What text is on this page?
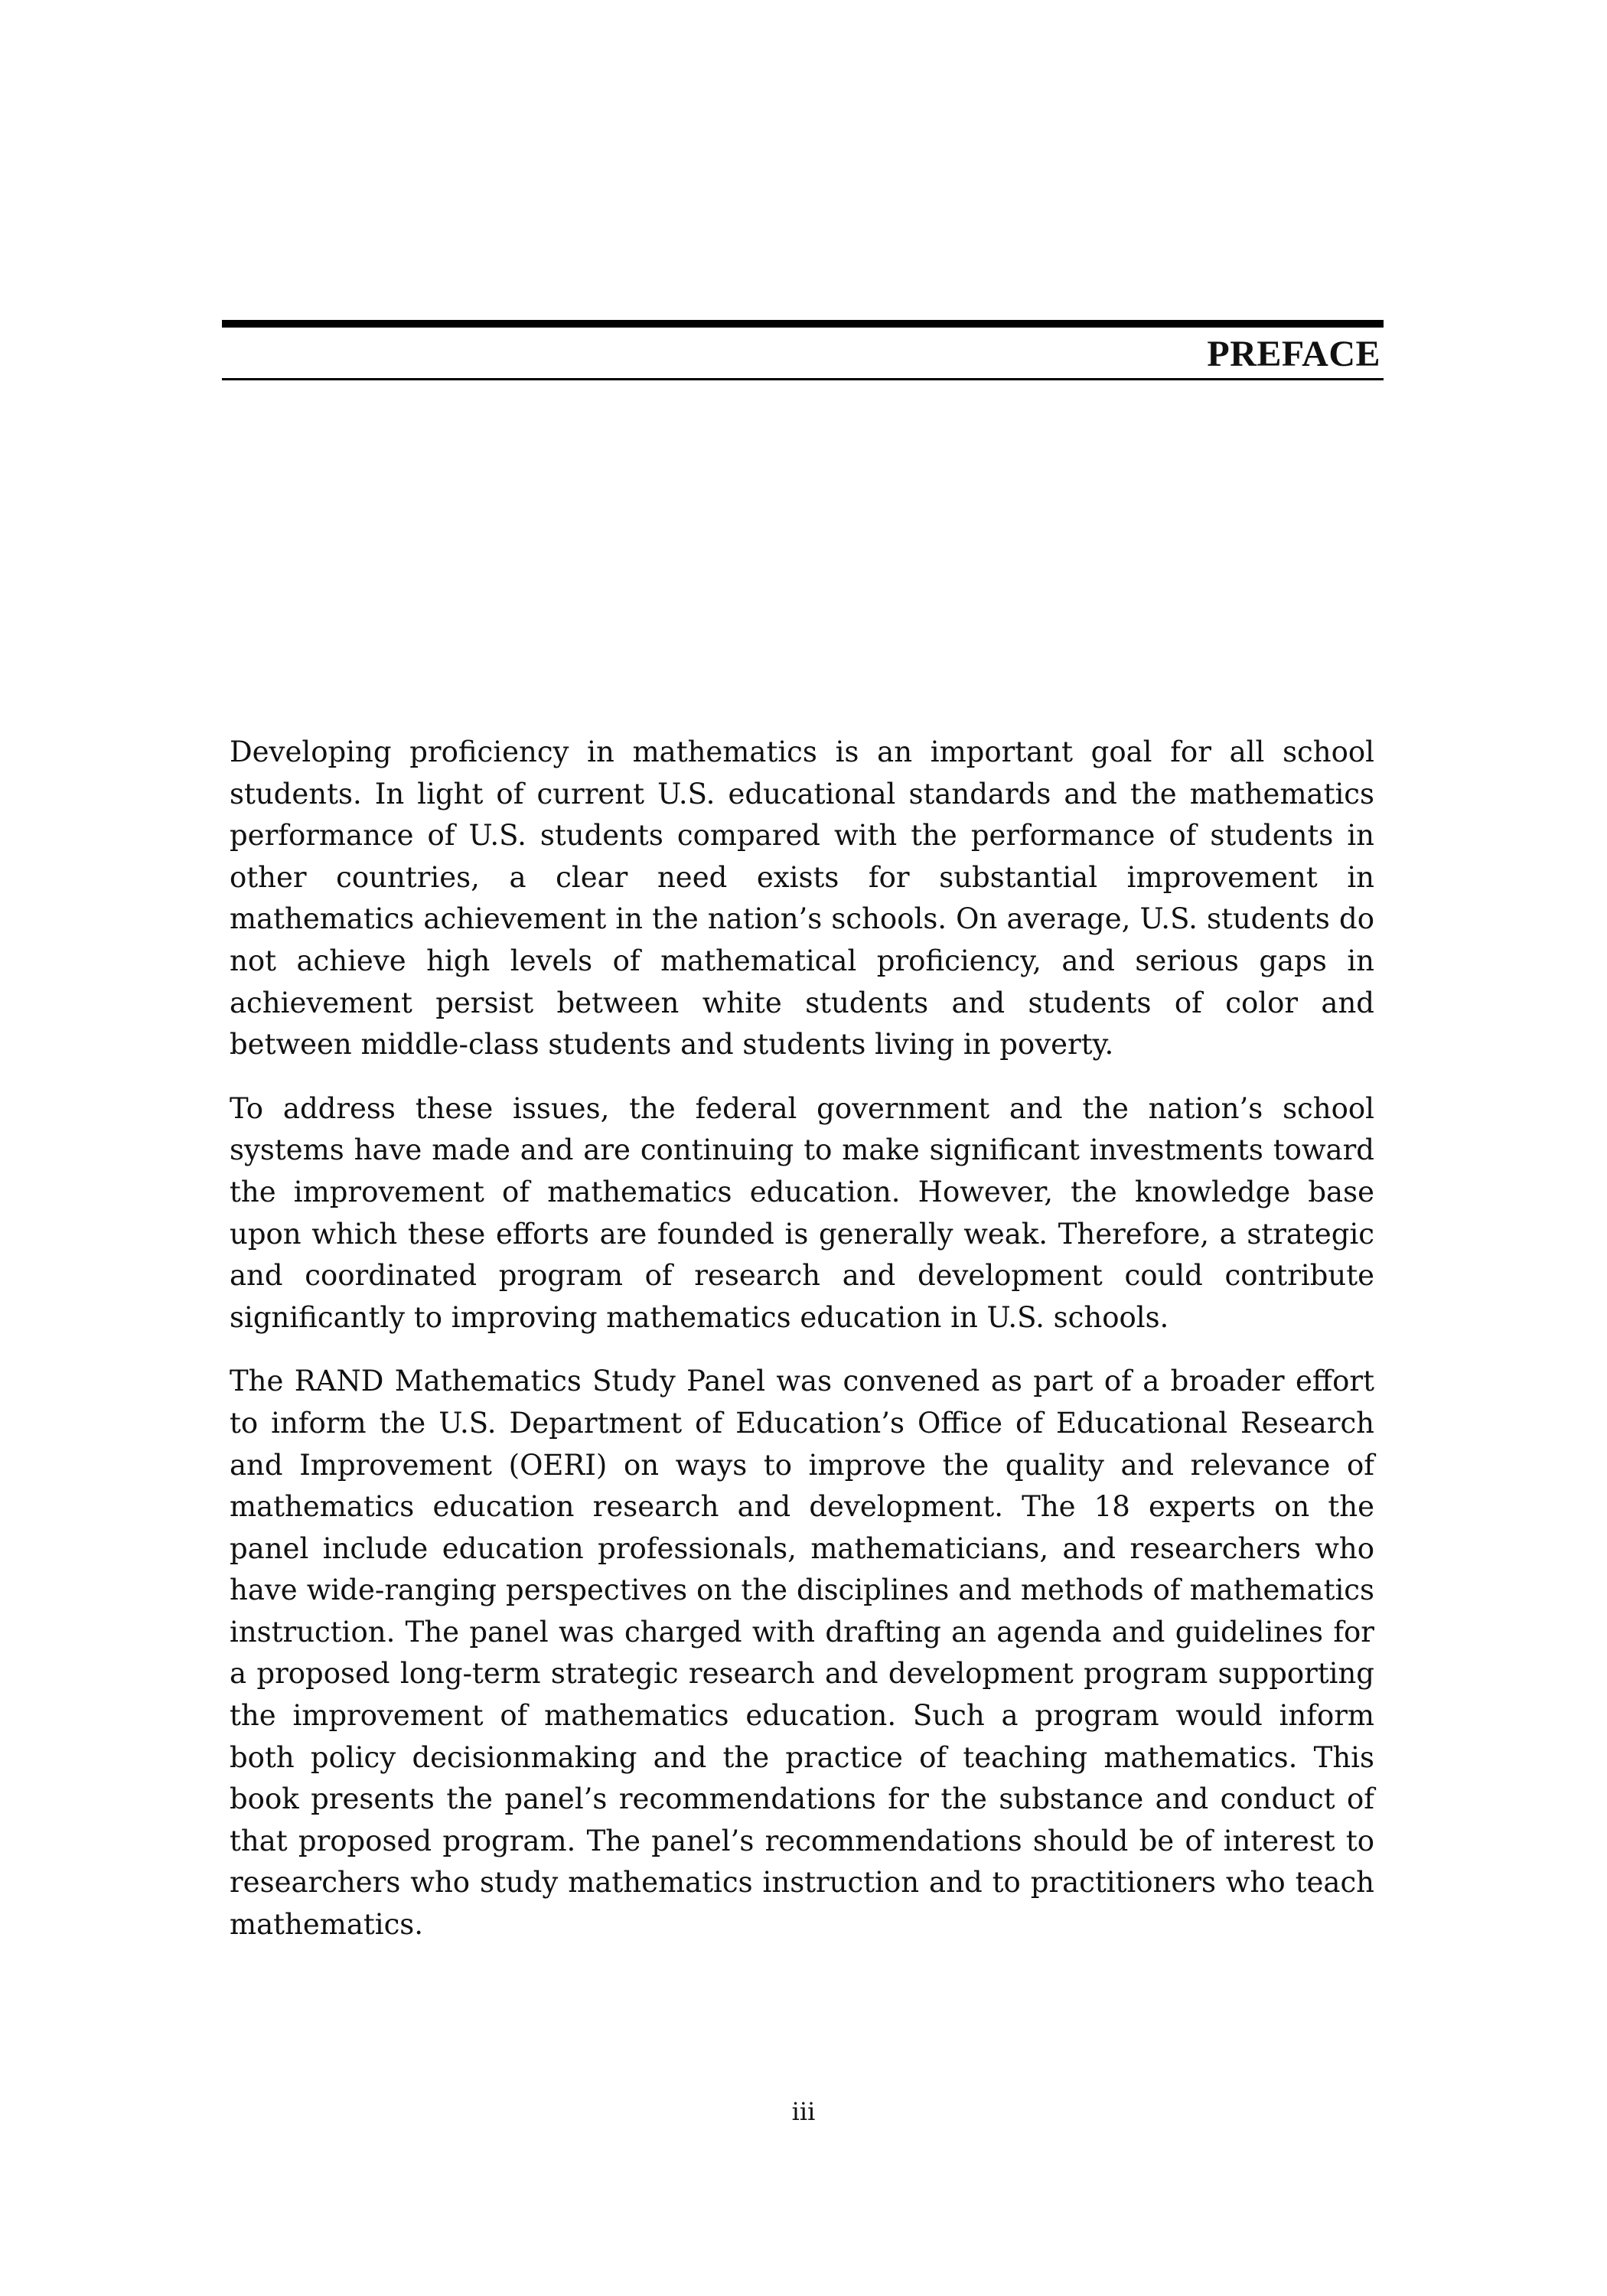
PREFACE

Developing proficiency in mathematics is an important goal for all school students. In light of current U.S. educational standards and the mathematics performance of U.S. students compared with the performance of students in other countries, a clear need exists for substantial improvement in mathematics achievement in the nation’s schools. On average, U.S. students do not achieve high levels of mathematical proficiency, and serious gaps in achievement persist between white students and students of color and between middle-class students and students living in poverty.

To address these issues, the federal government and the nation’s school systems have made and are continuing to make significant investments toward the improvement of mathematics education. However, the knowledge base upon which these efforts are founded is generally weak. Therefore, a strategic and coordinated program of research and development could contribute significantly to improving mathematics education in U.S. schools.

The RAND Mathematics Study Panel was convened as part of a broader effort to inform the U.S. Department of Education’s Office of Educational Research and Improvement (OERI) on ways to improve the quality and relevance of mathematics education research and development. The 18 experts on the panel include education professionals, mathematicians, and researchers who have wide-ranging perspectives on the disciplines and methods of mathematics instruction. The panel was charged with drafting an agenda and guidelines for a proposed long-term strategic research and development program supporting the improvement of mathematics education. Such a program would inform both policy decisionmaking and the practice of teaching mathematics. This book presents the panel’s recommendations for the substance and conduct of that proposed program. The panel’s recommendations should be of interest to researchers who study mathematics instruction and to practitioners who teach mathematics.

iii
